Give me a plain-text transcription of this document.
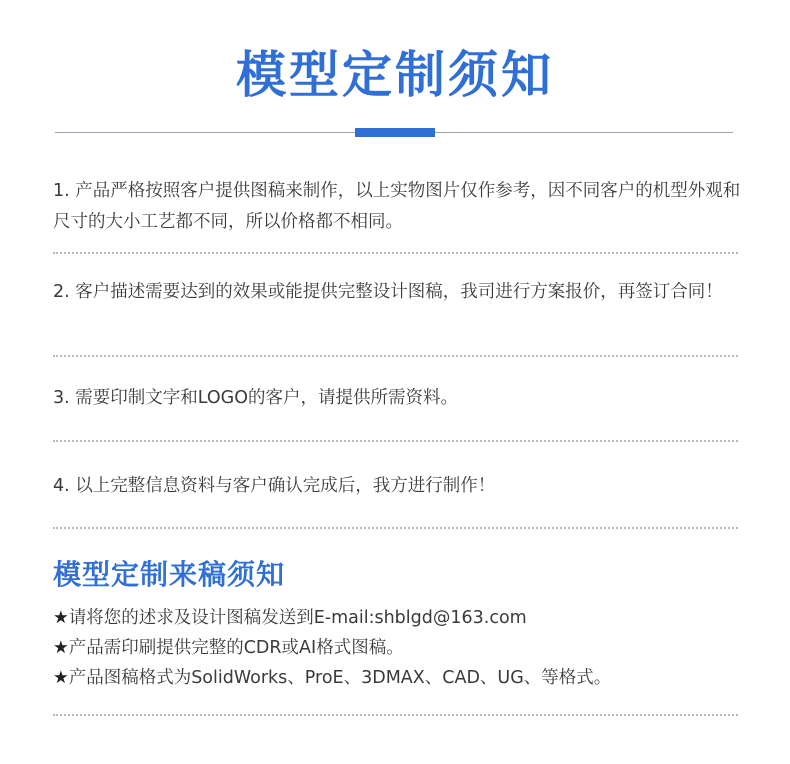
模型定制须知
1. 产品严格按照客户提供图稿来制作，以上实物图片仅作参考，因不同客户的机型外观和尺寸的大小工艺都不同，所以价格都不相同。
2. 客户描述需要达到的效果或能提供完整设计图稿，我司进行方案报价，再签订合同！
3. 需要印制文字和LOGO的客户，请提供所需资料。
4. 以上完整信息资料与客户确认完成后，我方进行制作！
模型定制来稿须知
★请将您的述求及设计图稿发送到E-mail:shblgd@163.com
★产品需印刷提供完整的CDR或AI格式图稿。
★产品图稿格式为SolidWorks、ProE、3DMAX、CAD、UG、等格式。
